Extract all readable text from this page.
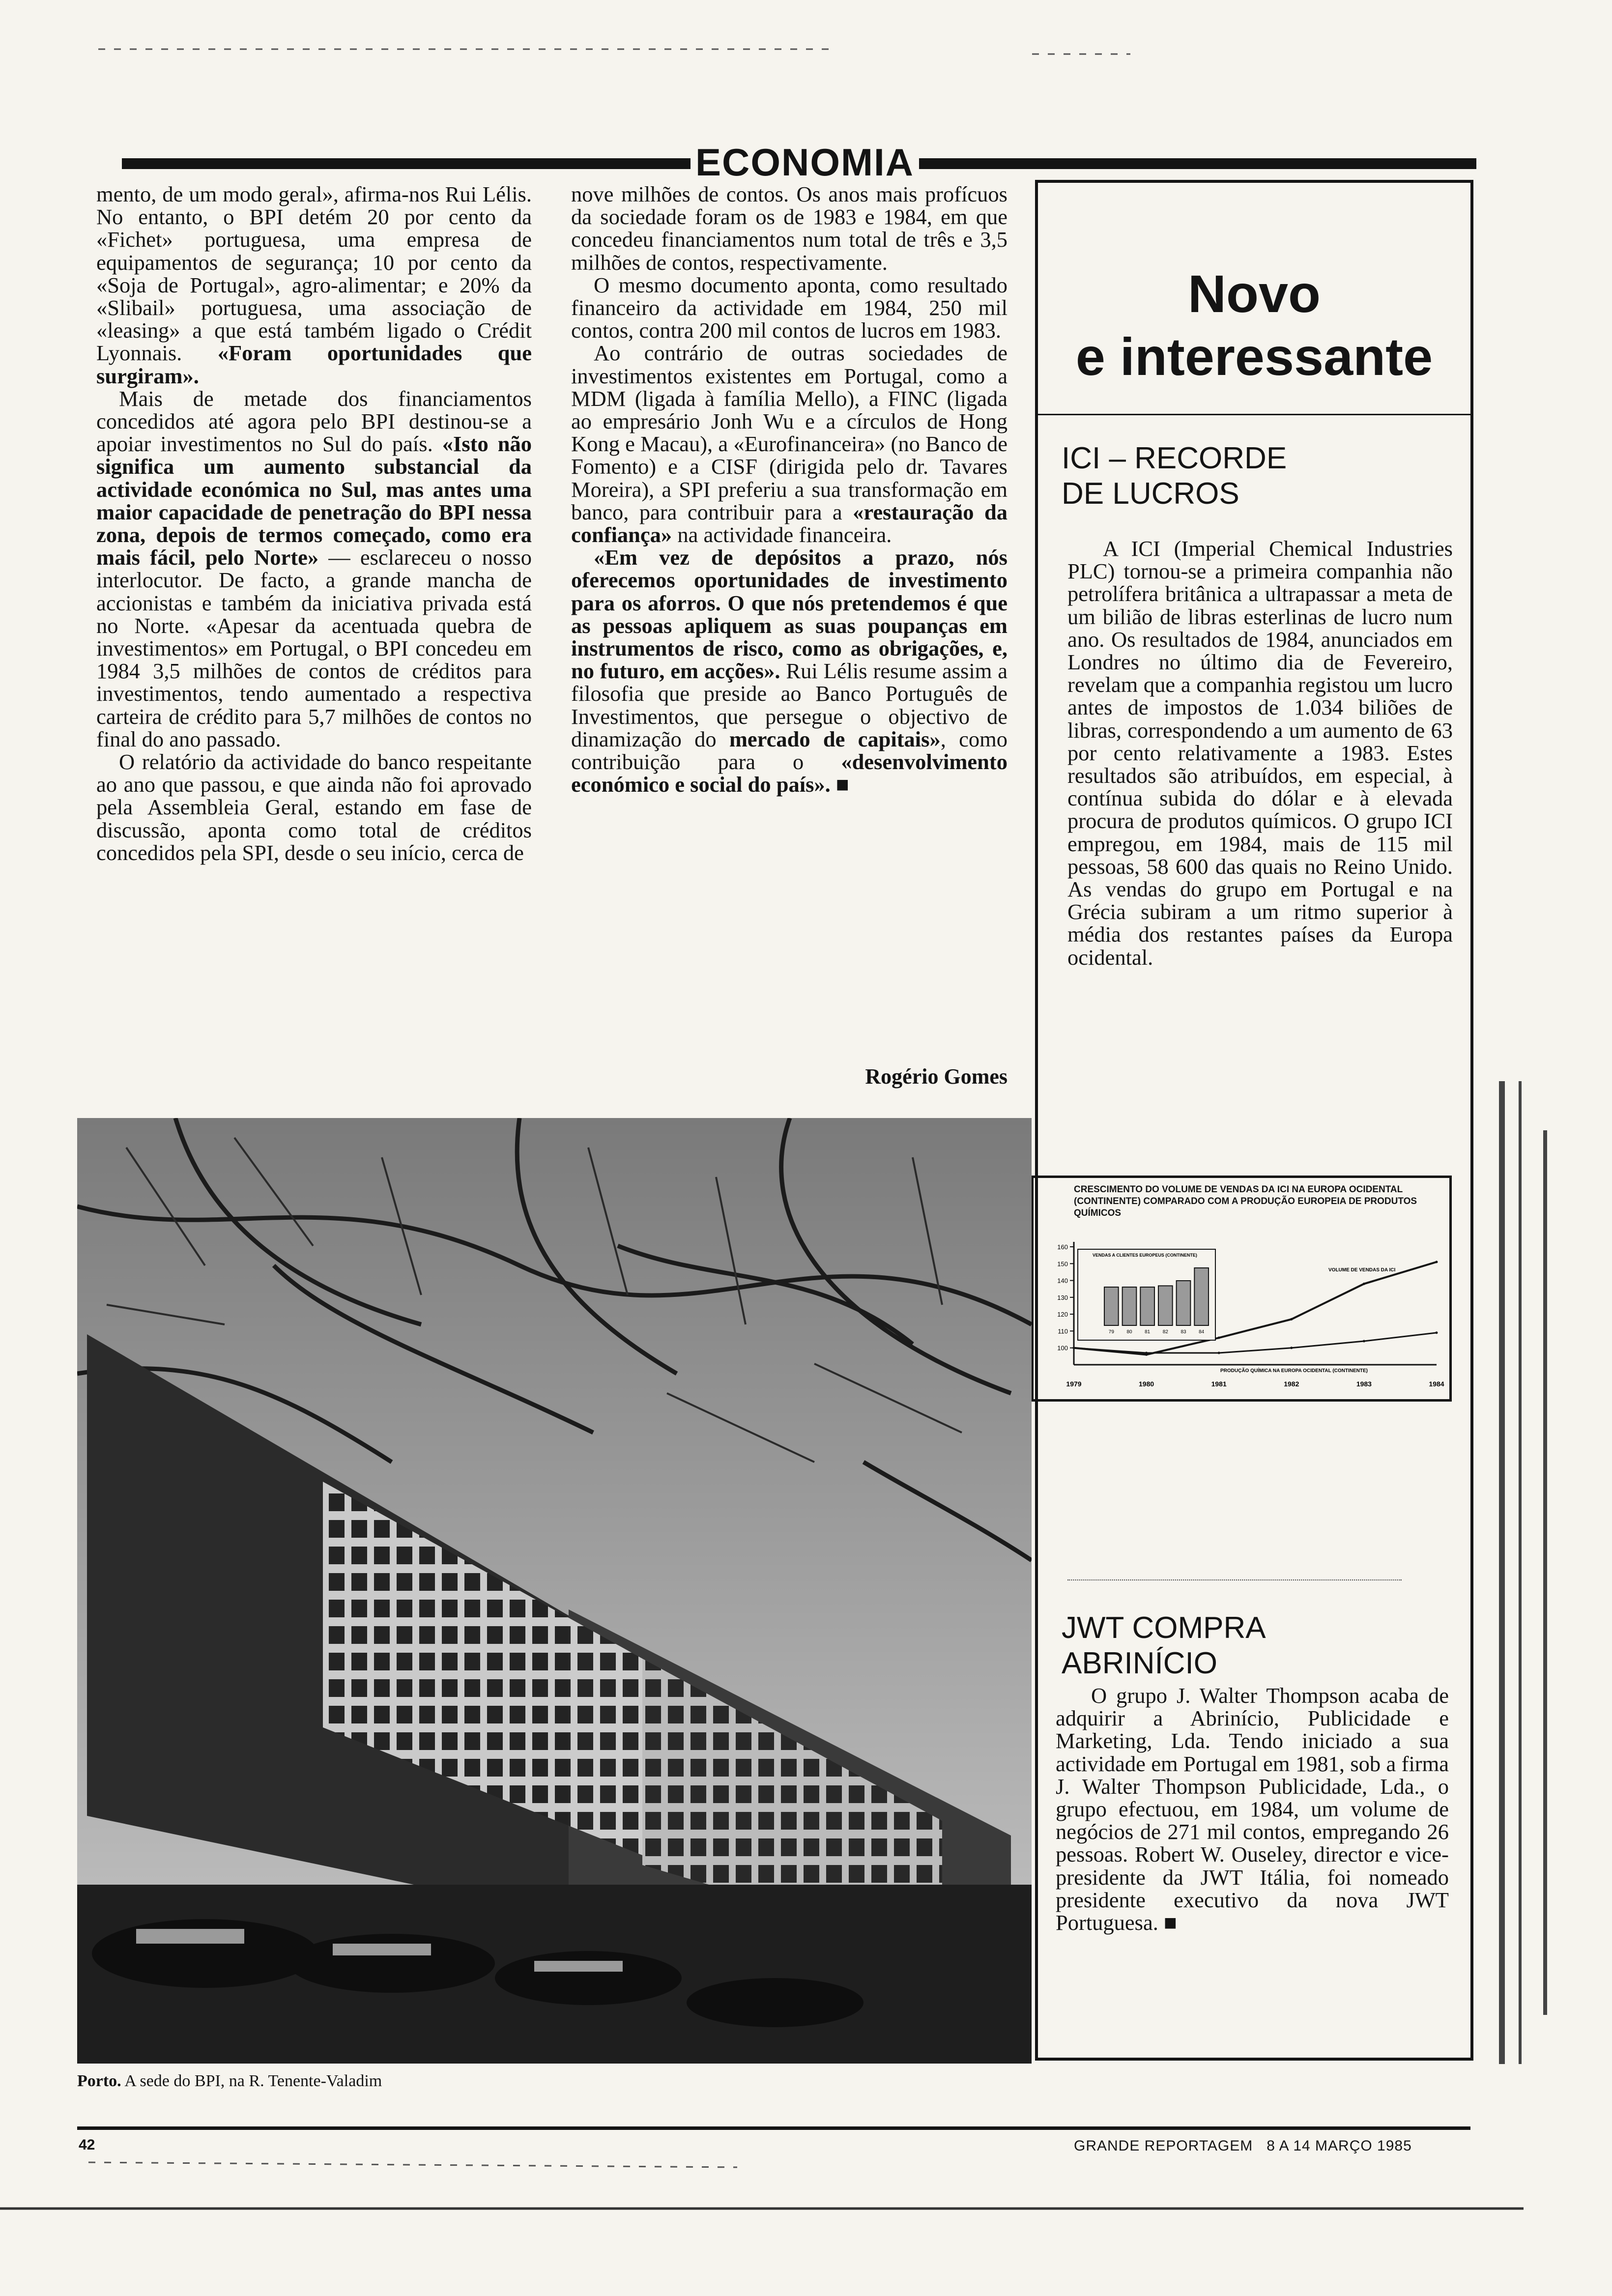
ECONOMIA

mento, de um modo geral», afirma-nos Rui Lélis. No entanto, o BPI detém 20 por cento da «Fichet» portuguesa, uma empresa de equipamentos de segurança; 10 por cento da «Soja de Portugal», agro-alimentar; e 20% da «Slibail» portuguesa, uma associação de «leasing» a que está também ligado o Crédit Lyonnais. «Foram oportunidades que surgiram».

Mais de metade dos financiamentos concedidos até agora pelo BPI destinou-se a apoiar investimentos no Sul do país. «Isto não significa um aumento substancial da actividade económica no Sul, mas antes uma maior capacidade de penetração do BPI nessa zona, depois de termos começado, como era mais fácil, pelo Norte» — esclareceu o nosso interlocutor. De facto, a grande mancha de accionistas e também da iniciativa privada está no Norte. «Apesar da acentuada quebra de investimentos» em Portugal, o BPI concedeu em 1984 3,5 milhões de contos de créditos para investimentos, tendo aumentado a respectiva carteira de crédito para 5,7 milhões de contos no final do ano passado.

O relatório da actividade do banco respeitante ao ano que passou, e que ainda não foi aprovado pela Assembleia Geral, estando em fase de discussão, aponta como total de créditos concedidos pela SPI, desde o seu início, cerca de

nove milhões de contos. Os anos mais profícuos da sociedade foram os de 1983 e 1984, em que concedeu financiamentos num total de três e 3,5 milhões de contos, respectivamente.

O mesmo documento aponta, como resultado financeiro da actividade em 1984, 250 mil contos, contra 200 mil contos de lucros em 1983.

Ao contrário de outras sociedades de investimentos existentes em Portugal, como a MDM (ligada à família Mello), a FINC (ligada ao empresário Jonh Wu e a círculos de Hong Kong e Macau), a «Eurofinanceira» (no Banco de Fomento) e a CISF (dirigida pelo dr. Tavares Moreira), a SPI preferiu a sua transformação em banco, para contribuir para a «restauração da confiança» na actividade financeira.

«Em vez de depósitos a prazo, nós oferecemos oportunidades de investimento para os aforros. O que nós pretendemos é que as pessoas apliquem as suas poupanças em instrumentos de risco, como as obrigações, e, no futuro, em acções». Rui Lélis resume assim a filosofia que preside ao Banco Português de Investimentos, que persegue o objectivo de dinamização do mercado de capitais», como contribuição para o «desenvolvimento económico e social do país». ■

Rogério Gomes
Novo
e interessante
ICI – RECORDE
DE LUCROS

A ICI (Imperial Chemical Industries PLC) tornou-se a primeira companhia não petrolífera britânica a ultrapassar a meta de um bilião de libras esterlinas de lucro num ano. Os resultados de 1984, anunciados em Londres no último dia de Fevereiro, revelam que a companhia registou um lucro antes de impostos de 1.034 biliões de libras, correspondendo a um aumento de 63 por cento relativamente a 1983. Estes resultados são atribuídos, em especial, à contínua subida do dólar e à elevada procura de produtos químicos. O grupo ICI empregou, em 1984, mais de 115 mil pessoas, 58 600 das quais no Reino Unido. As vendas do grupo em Portugal e na Grécia subiram a um ritmo superior à média dos restantes países da Europa ocidental.

CRESCIMENTO DO VOLUME DE VENDAS DA ICI NA EUROPA OCIDENTAL (CONTINENTE) COMPARADO COM A PRODUÇÃO EUROPEIA DE PRODUTOS QUÍMICOS
100
110
120
130
140
150
160
1979	1980	1981	1982	1983	1984
VOLUME DE VENDAS DA ICI
PRODUÇÃO QUÍMICA NA EUROPA OCIDENTAL (CONTINENTE)
VENDAS A CLIENTES EUROPEUS (CONTINENTE)
79	80	81	82	83	84
JWT COMPRA
ABRINÍCIO

O grupo J. Walter Thompson acaba de adquirir a Abrinício, Publicidade e Marketing, Lda. Tendo iniciado a sua actividade em Portugal em 1981, sob a firma J. Walter Thompson Publicidade, Lda., o grupo efectuou, em 1984, um volume de negócios de 271 mil contos, empregando 26 pessoas. Robert W. Ouseley, director e vice-presidente da JWT Itália, foi nomeado presidente executivo da nova JWT Portuguesa. ■

Porto. A sede do BPI, na R. Tenente-Valadim
42	GRANDE REPORTAGEM 8 A 14 MARÇO 1985
